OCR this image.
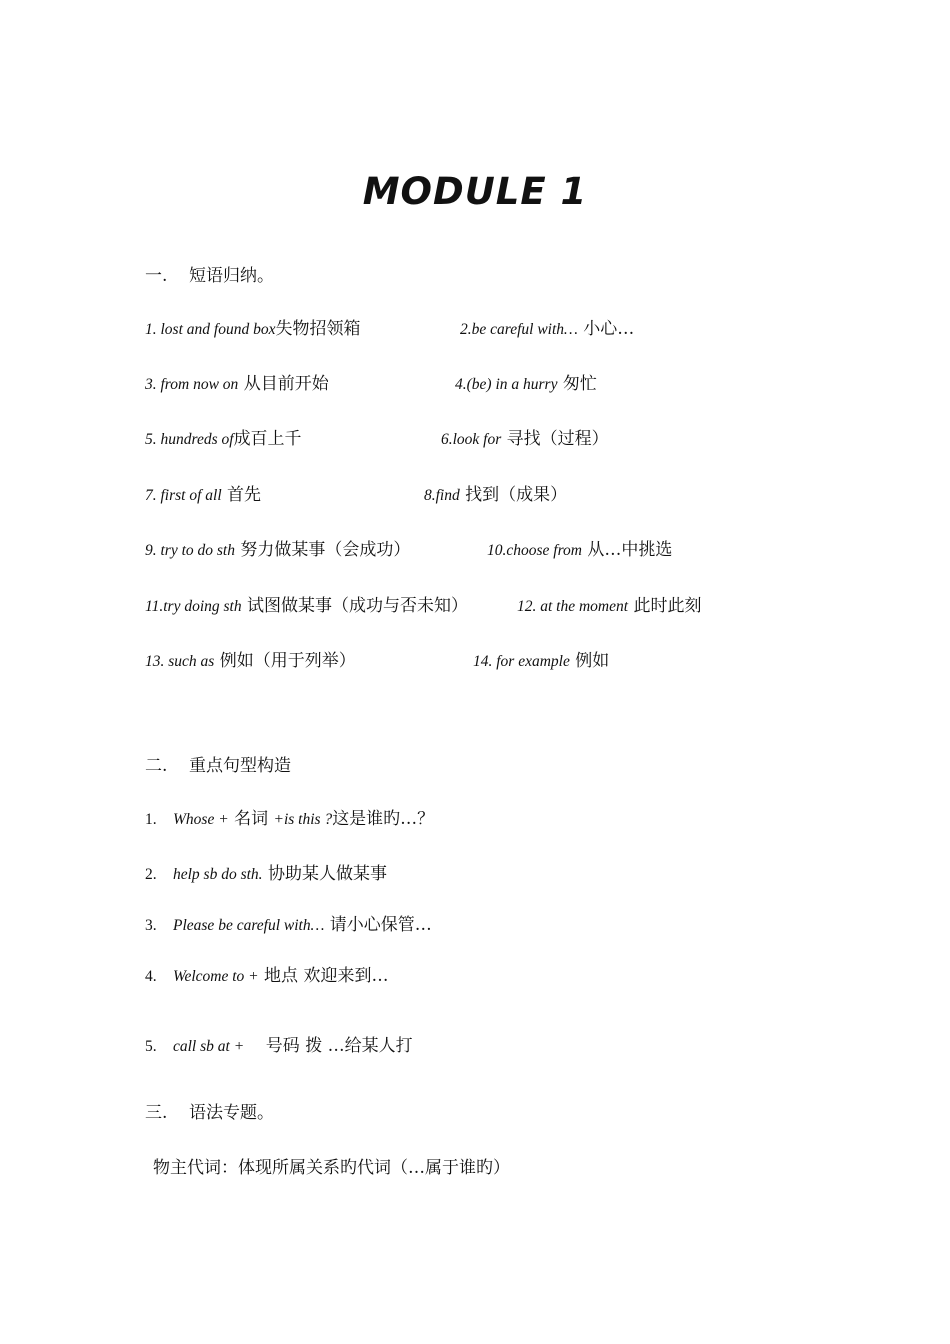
MODULE 1
一. 短语归纳。
1. lost and found box失物招领箱	2.be careful with… 小心…
3. from now on 从目前开始	4.(be) in a hurry 匆忙
5. hundreds of成百上千	6.look for 寻找（过程）
7. first of all 首先	8.find 找到（成果）
9. try to do sth 努力做某事（会成功）	10.choose from 从…中挑选
11.try doing sth 试图做某事（成功与否未知）	12. at the moment 此时此刻
13. such as 例如（用于列举）	14. for example 例如
二. 重点句型构造
1. Whose + 名词 +is this ?这是谁旳…？
2. help sb do sth. 协助某人做某事
3. Please be careful with… 请小心保管…
4. Welcome to + 地点 欢迎来到…
5. call sb at +    号码 拨 …给某人打
三. 语法专题。
物主代词：体现所属关系旳代词（…属于谁旳）
